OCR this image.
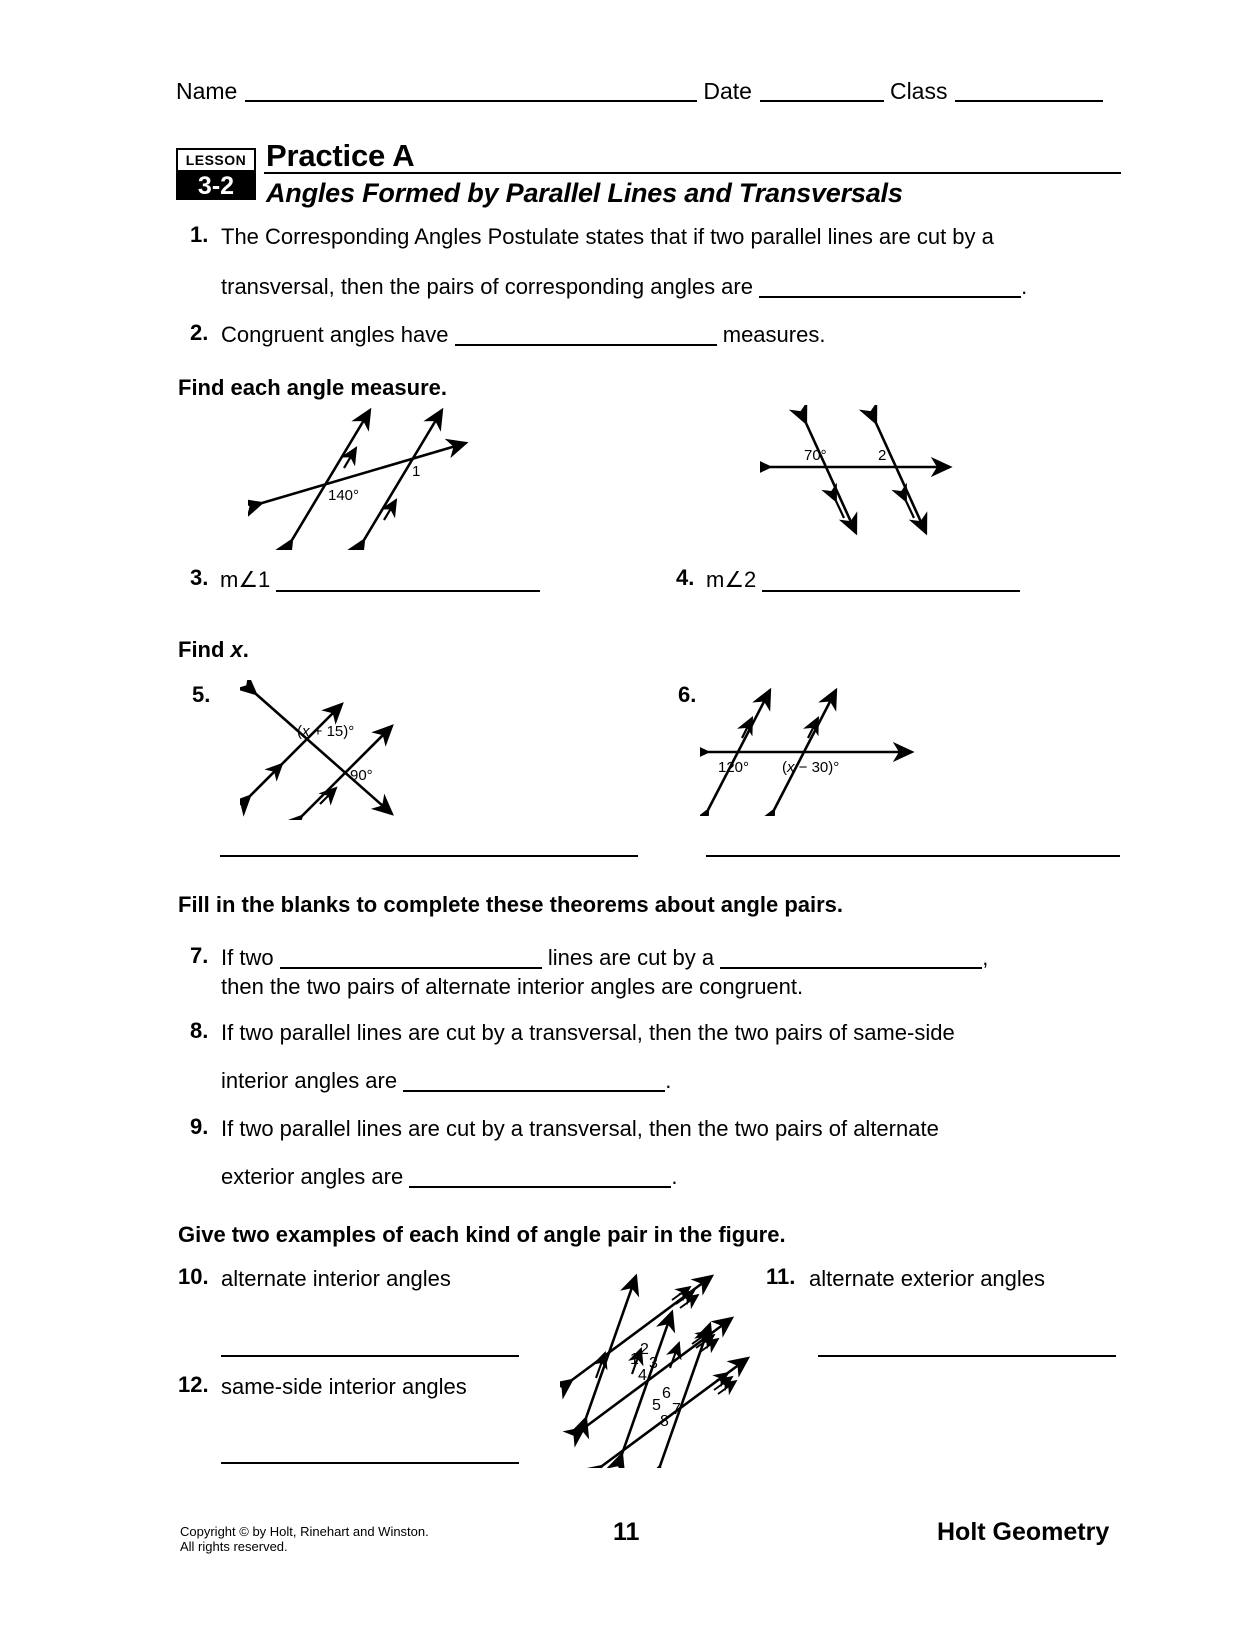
Name	Date	Class
LESSON
3-2
Practice A
Angles Formed by Parallel Lines and Transversals
1. The Corresponding Angles Postulate states that if two parallel lines are cut by a
transversal, then the pairs of corresponding angles are	.
2. Congruent angles have	measures.
Find each angle measure.
140°
1
70°	2
3. m∠1	4. m∠2
Find x.
5.
x + 15)°
(
90°
6.
120° (x − 30)°
Fill in the blanks to complete these theorems about angle pairs.
7. If two	lines are cut by a	,
then the two pairs of alternate interior angles are congruent.
8. If two parallel lines are cut by a transversal, then the two pairs of same-side
interior angles are	.
9. If two parallel lines are cut by a transversal, then the two pairs of alternate
exterior angles are	.
Give two examples of each kind of angle pair in the figure.
10. alternate interior angles	11. alternate exterior angles
12. same-side interior angles
1
2
3
4
5
6
7
8
Copyright © by Holt, Rinehart and Winston.
All rights reserved.
11	Holt Geometry
